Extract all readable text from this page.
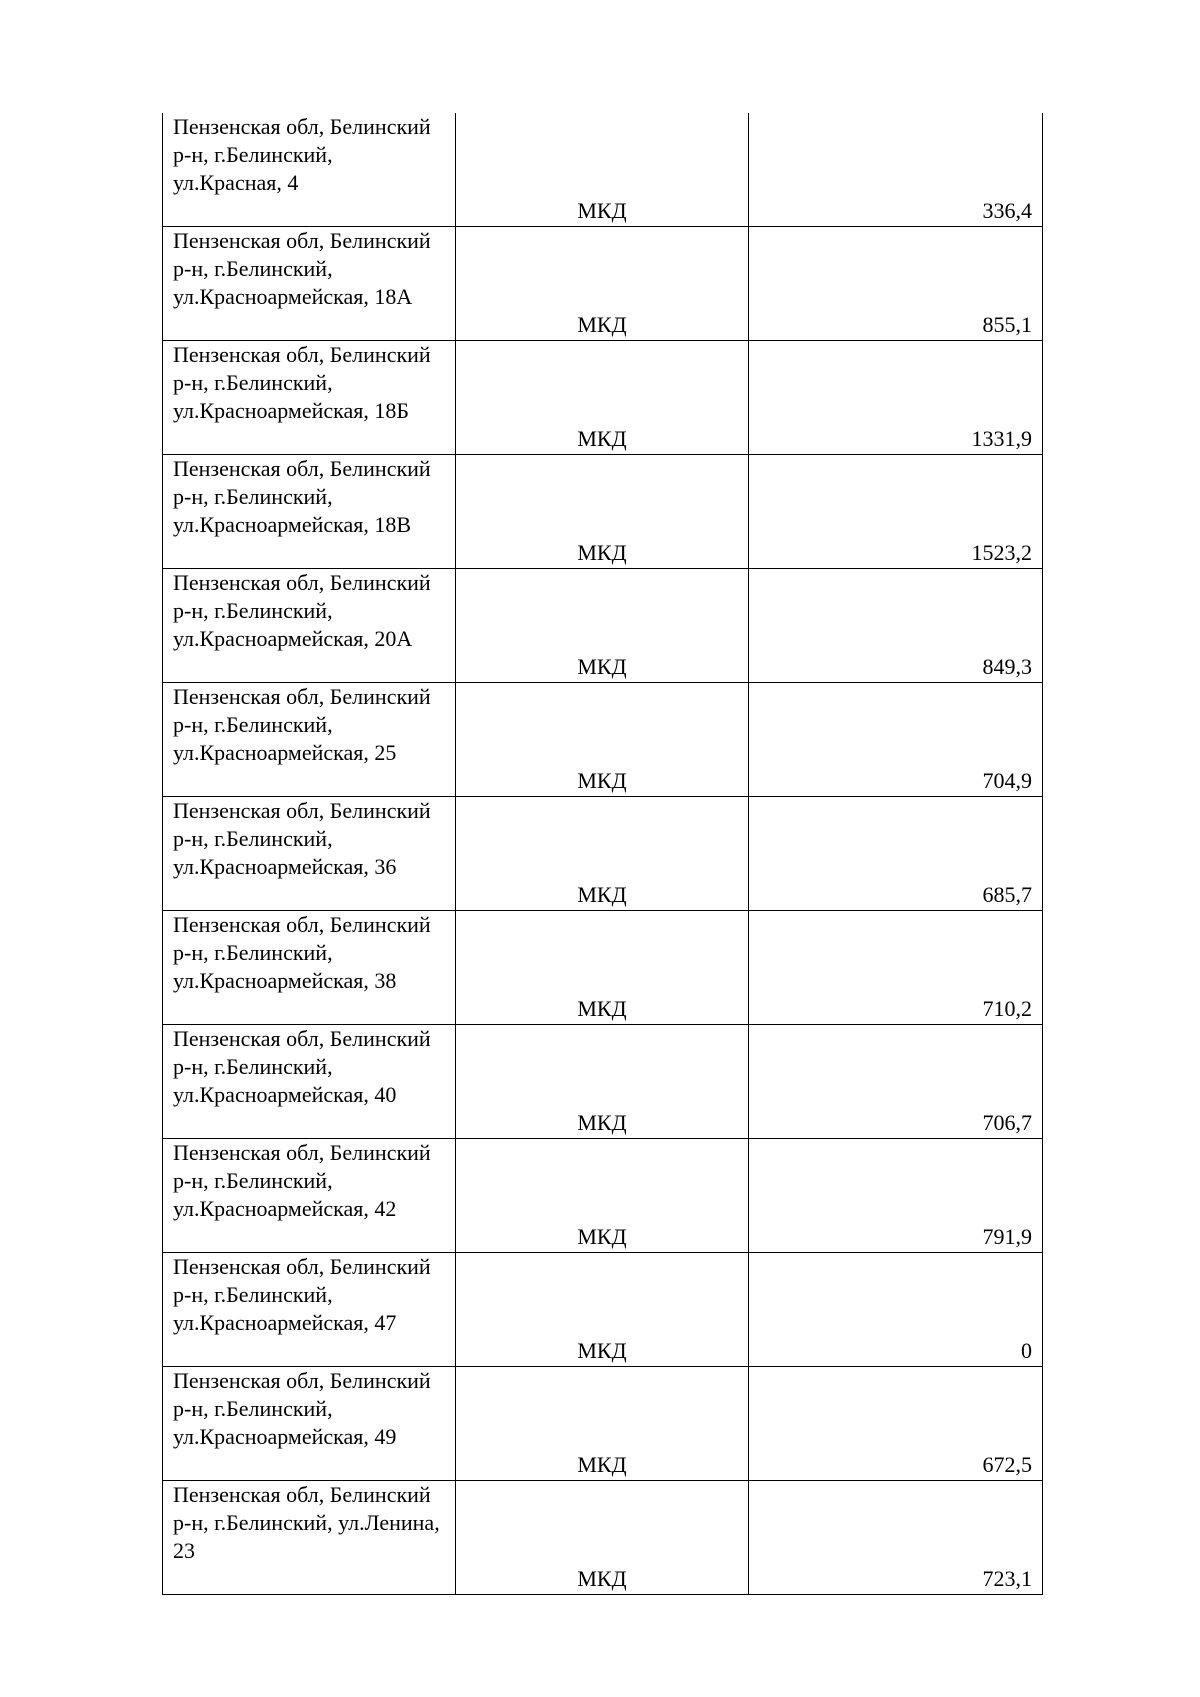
Пензенская обл, Белинский р-н, г.Белинский, ул.Красная, 4	МКД	336,4

Пензенская обл, Белинский р-н, г.Белинский, ул.Красноармейская, 18А	МКД	855,1

Пензенская обл, Белинский р-н, г.Белинский, ул.Красноармейская, 18Б	МКД	1331,9

Пензенская обл, Белинский р-н, г.Белинский, ул.Красноармейская, 18В	МКД	1523,2

Пензенская обл, Белинский р-н, г.Белинский, ул.Красноармейская, 20А	МКД	849,3

Пензенская обл, Белинский р-н, г.Белинский, ул.Красноармейская, 25	МКД	704,9

Пензенская обл, Белинский р-н, г.Белинский, ул.Красноармейская, 36	МКД	685,7

Пензенская обл, Белинский р-н, г.Белинский, ул.Красноармейская, 38	МКД	710,2

Пензенская обл, Белинский р-н, г.Белинский, ул.Красноармейская, 40	МКД	706,7

Пензенская обл, Белинский р-н, г.Белинский, ул.Красноармейская, 42	МКД	791,9

Пензенская обл, Белинский р-н, г.Белинский, ул.Красноармейская, 47	МКД	0

Пензенская обл, Белинский р-н, г.Белинский, ул.Красноармейская, 49	МКД	672,5

Пензенская обл, Белинский р-н, г.Белинский, ул.Ленина, 23	МКД	723,1
